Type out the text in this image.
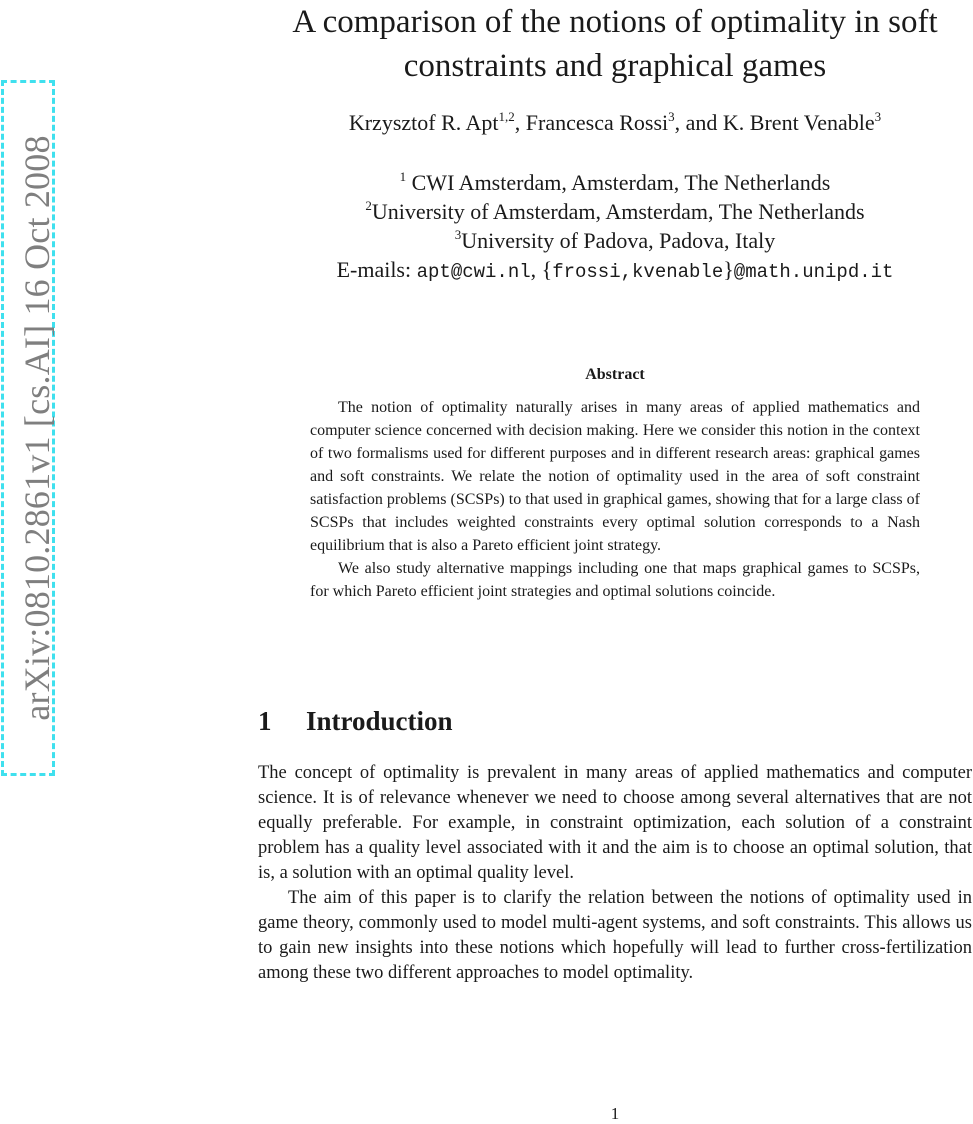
arXiv:0810.2861v1 [cs.AI] 16 Oct 2008
A comparison of the notions of optimality in soft constraints and graphical games
Krzysztof R. Apt$^{1,2}$, Francesca Rossi$^3$, and K. Brent Venable$^3$
$^1$ CWI Amsterdam, Amsterdam, The Netherlands
$^2$University of Amsterdam, Amsterdam, The Netherlands
$^3$University of Padova, Padova, Italy
E-mails: apt@cwi.nl, {frossi,kvenable}@math.unipd.it
Abstract

The notion of optimality naturally arises in many areas of applied mathematics and computer science concerned with decision making. Here we consider this notion in the context of two formalisms used for different purposes and in different research areas: graphical games and soft constraints. We relate the notion of optimality used in the area of soft constraint satisfaction problems (SCSPs) to that used in graphical games, showing that for a large class of SCSPs that includes weighted constraints every optimal solution corresponds to a Nash equilibrium that is also a Pareto efficient joint strategy.

We also study alternative mappings including one that maps graphical games to SCSPs, for which Pareto efficient joint strategies and optimal solutions coincide.

1 Introduction

The concept of optimality is prevalent in many areas of applied mathematics and computer science. It is of relevance whenever we need to choose among several alternatives that are not equally preferable. For example, in constraint optimization, each solution of a constraint problem has a quality level associated with it and the aim is to choose an optimal solution, that is, a solution with an optimal quality level.

The aim of this paper is to clarify the relation between the notions of optimality used in game theory, commonly used to model multi-agent systems, and soft constraints. This allows us to gain new insights into these notions which hopefully will lead to further cross-fertilization among these two different approaches to model optimality.

1
